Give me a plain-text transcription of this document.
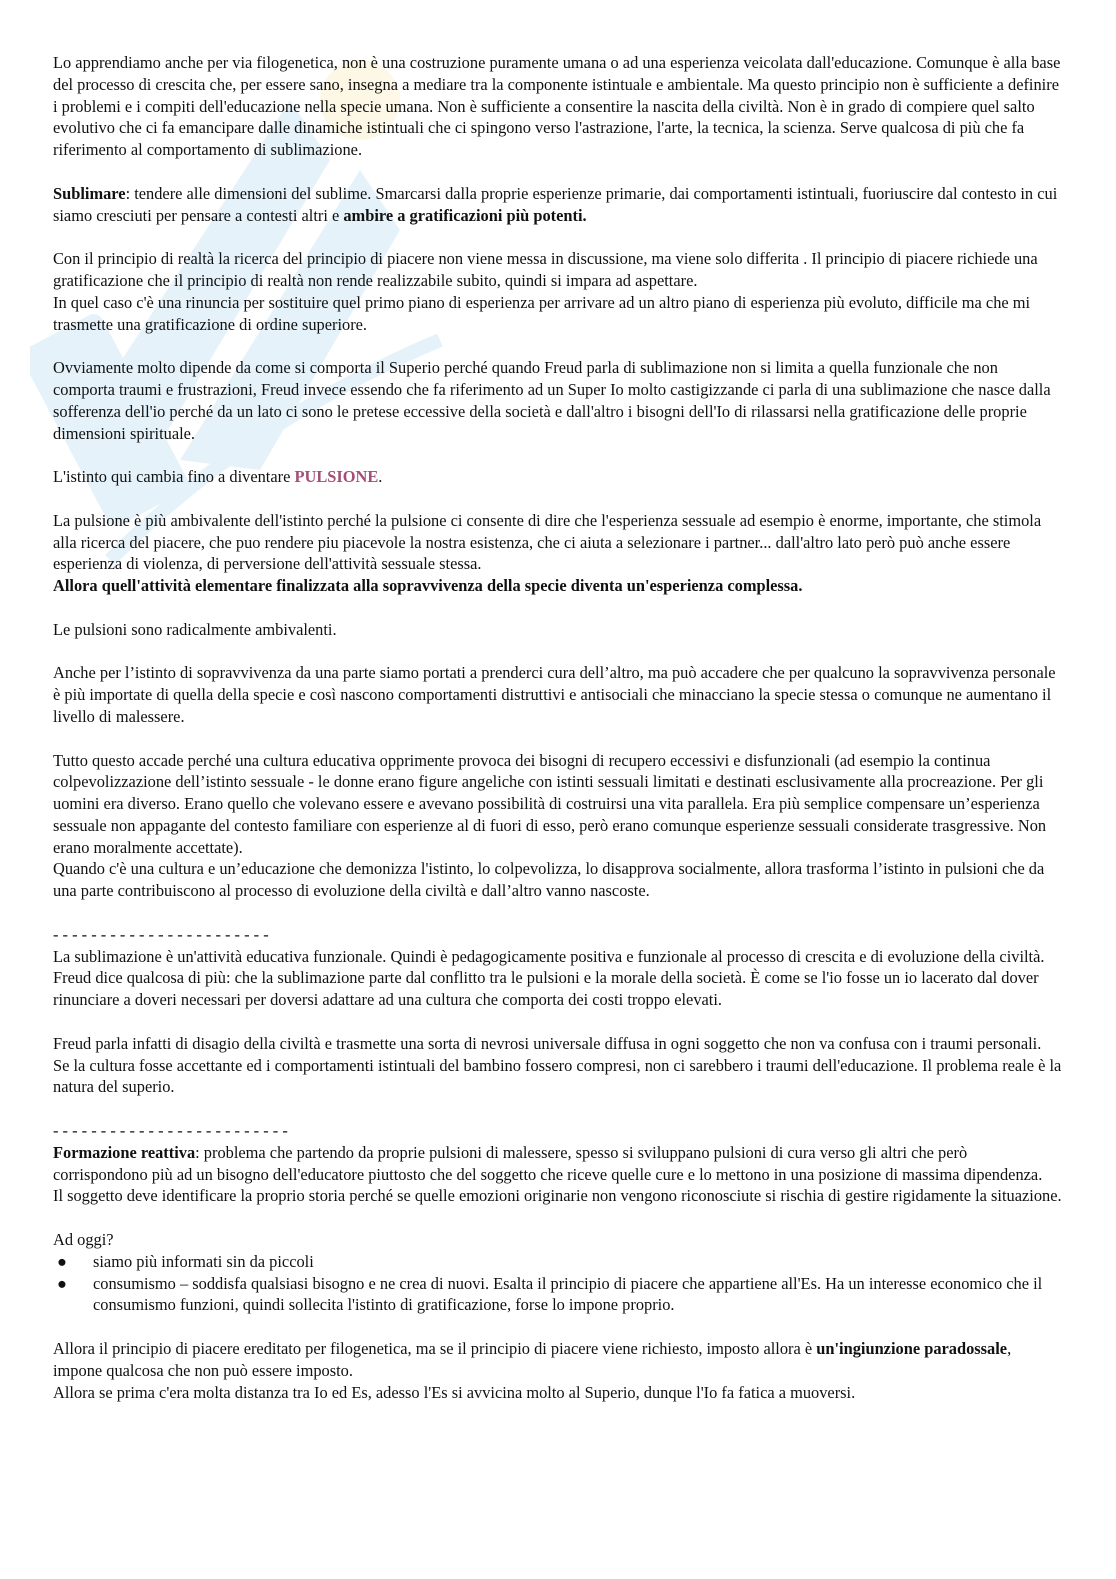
Lo apprendiamo anche per via filogenetica, non è una costruzione puramente umana o ad una esperienza veicolata dall'educazione. Comunque è alla base del processo di crescita che, per essere sano, insegna a mediare tra la componente istintuale e ambientale. Ma questo principio non è sufficiente a definire i problemi e i compiti dell'educazione nella specie umana. Non è sufficiente a consentire la nascita della civiltà. Non è in grado di compiere quel salto evolutivo che ci fa emancipare dalle dinamiche istintuali che ci spingono verso l'astrazione, l'arte, la tecnica, la scienza. Serve qualcosa di più che fa riferimento al comportamento di sublimazione.

Sublimare: tendere alle dimensioni del sublime. Smarcarsi dalla proprie esperienze primarie, dai comportamenti istintuali, fuoriuscire dal contesto in cui siamo cresciuti per pensare a contesti altri e ambire a gratificazioni più potenti.

Con il principio di realtà la ricerca del principio di piacere non viene messa in discussione, ma viene solo differita . Il principio di piacere richiede una gratificazione che il principio di realtà non rende realizzabile subito, quindi si impara ad aspettare.

In quel caso c'è una rinuncia per sostituire quel primo piano di esperienza per arrivare ad un altro piano di esperienza più evoluto, difficile ma che mi trasmette una gratificazione di ordine superiore.

Ovviamente molto dipende da come si comporta il Superio perché quando Freud parla di sublimazione non si limita a quella funzionale che non comporta traumi e frustrazioni, Freud invece essendo che fa riferimento ad un Super Io molto castigizzande ci parla di una sublimazione che nasce dalla sofferenza dell'io perché da un lato ci sono le pretese eccessive della società e dall'altro i bisogni dell'Io di rilassarsi nella gratificazione delle proprie dimensioni spirituale.

L'istinto qui cambia fino a diventare PULSIONE.

La pulsione è più ambivalente dell'istinto perché la pulsione ci consente di dire che l'esperienza sessuale ad esempio è enorme, importante, che stimola alla ricerca del piacere, che puo rendere piu piacevole la nostra esistenza, che ci aiuta a selezionare i partner... dall'altro lato però può anche essere esperienza di violenza, di perversione dell'attività sessuale stessa.

Allora quell'attività elementare finalizzata alla sopravvivenza della specie diventa un'esperienza complessa.

Le pulsioni sono radicalmente ambivalenti.

Anche per l’istinto di sopravvivenza da una parte siamo portati a prenderci cura dell’altro, ma può accadere che per qualcuno la sopravvivenza personale è più importate di quella della specie e così nascono comportamenti distruttivi e antisociali che minacciano la specie stessa o comunque ne aumentano il livello di malessere.

Tutto questo accade perché una cultura educativa opprimente provoca dei bisogni di recupero eccessivi e disfunzionali (ad esempio la continua colpevolizzazione dell’istinto sessuale - le donne erano figure angeliche con istinti sessuali limitati e destinati esclusivamente alla procreazione. Per gli uomini era diverso. Erano quello che volevano essere e avevano possibilità di costruirsi una vita parallela. Era più semplice compensare un’esperienza sessuale non appagante del contesto familiare con esperienze al di fuori di esso, però erano comunque esperienze sessuali considerate trasgressive. Non erano moralmente accettate).

Quando c'è una cultura e un’educazione che demonizza l'istinto, lo colpevolizza, lo disapprova socialmente, allora trasforma l’istinto in pulsioni che da una parte contribuiscono al processo di evoluzione della civiltà e dall’altro vanno nascoste.

- - - - - - - - - - - - - - - - - - - - - - -

La sublimazione è un'attività educativa funzionale. Quindi è pedagogicamente positiva e funzionale al processo di crescita e di evoluzione della civiltà. Freud dice qualcosa di più: che la sublimazione parte dal conflitto tra le pulsioni e la morale della società. È come se l'io fosse un io lacerato dal dover rinunciare a doveri necessari per doversi adattare ad una cultura che comporta dei costi troppo elevati.

Freud parla infatti di disagio della civiltà e trasmette una sorta di nevrosi universale diffusa in ogni soggetto che non va confusa con i traumi personali.

Se la cultura fosse accettante ed i comportamenti istintuali del bambino fossero compresi, non ci sarebbero i traumi dell'educazione. Il problema reale è la natura del superio.

- - - - - - - - - - - - - - - - - - - - - - - - -

Formazione reattiva: problema che partendo da proprie pulsioni di malessere, spesso si sviluppano pulsioni di cura verso gli altri che però corrispondono più ad un bisogno dell'educatore piuttosto che del soggetto che riceve quelle cure e lo mettono in una posizione di massima dipendenza.

Il soggetto deve identificare la proprio storia perché se quelle emozioni originarie non vengono riconosciute si rischia di gestire rigidamente la situazione.

Ad oggi?

● siamo più informati sin da piccoli
● consumismo – soddisfa qualsiasi bisogno e ne crea di nuovi. Esalta il principio di piacere che appartiene all'Es. Ha un interesse economico che il consumismo funzioni, quindi sollecita l'istinto di gratificazione, forse lo impone proprio.

Allora il principio di piacere ereditato per filogenetica, ma se il principio di piacere viene richiesto, imposto allora è un'ingiunzione paradossale, impone qualcosa che non può essere imposto.

Allora se prima c'era molta distanza tra Io ed Es, adesso l'Es si avvicina molto al Superio, dunque l'Io fa fatica a muoversi.
